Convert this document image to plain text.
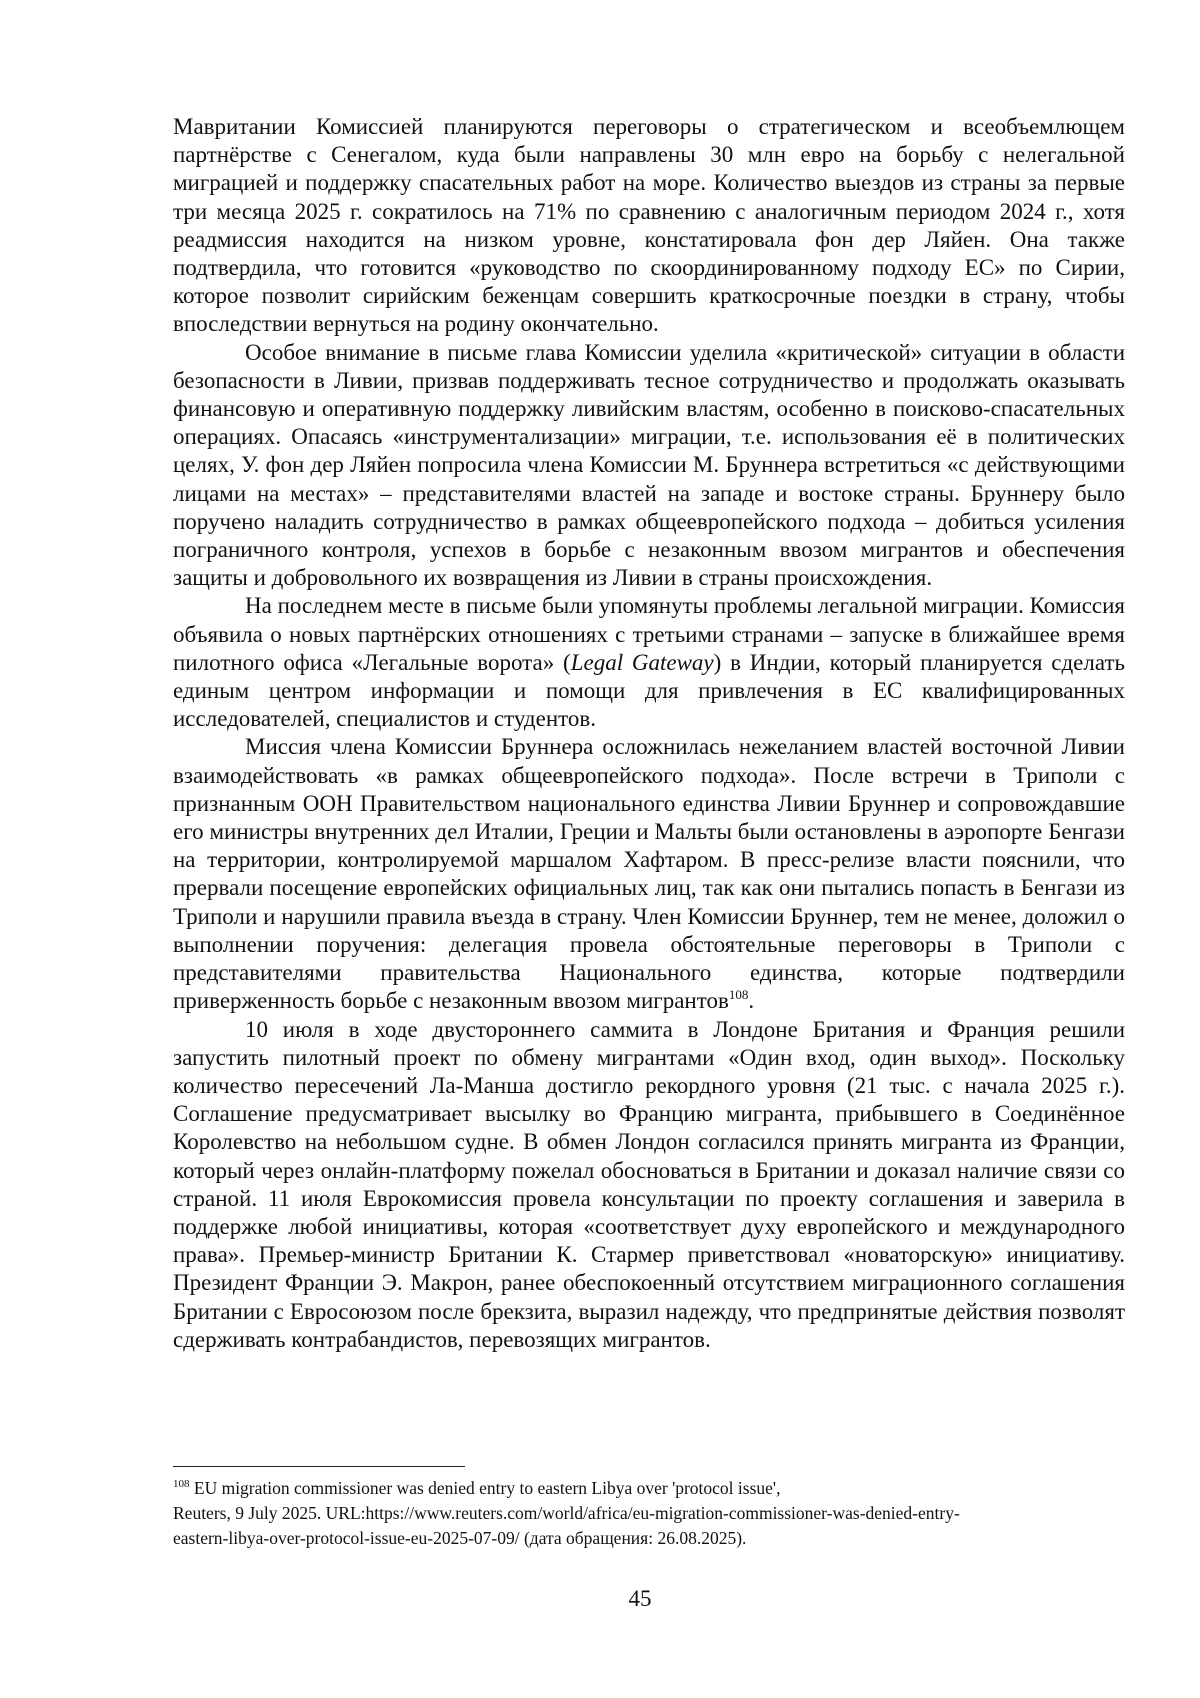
Мавритании Комиссией планируются переговоры о стратегическом и всеобъемлющем партнёрстве с Сенегалом, куда были направлены 30 млн евро на борьбу с нелегальной миграцией и поддержку спасательных работ на море. Количество выездов из страны за первые три месяца 2025 г. сократилось на 71% по сравнению с аналогичным периодом 2024 г., хотя реадмиссия находится на низком уровне, констатировала фон дер Ляйен. Она также подтвердила, что готовится «руководство по скоординированному подходу ЕС» по Сирии, которое позволит сирийским беженцам совершить краткосрочные поездки в страну, чтобы впоследствии вернуться на родину окончательно.

Особое внимание в письме глава Комиссии уделила «критической» ситуации в области безопасности в Ливии, призвав поддерживать тесное сотрудничество и продолжать оказывать финансовую и оперативную поддержку ливийским властям, особенно в поисково-спасательных операциях. Опасаясь «инструментализации» миграции, т.е. использования её в политических целях, У. фон дер Ляйен попросила члена Комиссии М. Бруннера встретиться «с действующими лицами на местах» – представителями властей на западе и востоке страны. Бруннеру было поручено наладить сотрудничество в рамках общеевропейского подхода – добиться усиления пограничного контроля, успехов в борьбе с незаконным ввозом мигрантов и обеспечения защиты и добровольного их возвращения из Ливии в страны происхождения.

На последнем месте в письме были упомянуты проблемы легальной миграции. Комиссия объявила о новых партнёрских отношениях с третьими странами – запуске в ближайшее время пилотного офиса «Легальные ворота» (Legal Gateway) в Индии, который планируется сделать единым центром информации и помощи для привлечения в ЕС квалифицированных исследователей, специалистов и студентов.

Миссия члена Комиссии Бруннера осложнилась нежеланием властей восточной Ливии взаимодействовать «в рамках общеевропейского подхода». После встречи в Триполи с признанным ООН Правительством национального единства Ливии Бруннер и сопровождавшие его министры внутренних дел Италии, Греции и Мальты были остановлены в аэропорте Бенгази на территории, контролируемой маршалом Хафтаром. В пресс-релизе власти пояснили, что прервали посещение европейских официальных лиц, так как они пытались попасть в Бенгази из Триполи и нарушили правила въезда в страну. Член Комиссии Бруннер, тем не менее, доложил о выполнении поручения: делегация провела обстоятельные переговоры в Триполи с представителями правительства Национального единства, которые подтвердили приверженность борьбе с незаконным ввозом мигрантов$^{108}$.

10 июля в ходе двустороннего саммита в Лондоне Британия и Франция решили запустить пилотный проект по обмену мигрантами «Один вход, один выход». Поскольку количество пересечений Ла-Манша достигло рекордного уровня (21 тыс. с начала 2025 г.). Соглашение предусматривает высылку во Францию мигранта, прибывшего в Соединённое Королевство на небольшом судне. В обмен Лондон согласился принять мигранта из Франции, который через онлайн-платформу пожелал обосноваться в Британии и доказал наличие связи со страной. 11 июля Еврокомиссия провела консультации по проекту соглашения и заверила в поддержке любой инициативы, которая «соответствует духу европейского и международного права». Премьер-министр Британии К. Стармер приветствовал «новаторскую» инициативу. Президент Франции Э. Макрон, ранее обеспокоенный отсутствием миграционного соглашения Британии с Евросоюзом после брекзита, выразил надежду, что предпринятые действия позволят сдерживать контрабандистов, перевозящих мигрантов.

$^{108}$ EU migration commissioner was denied entry to eastern Libya over 'protocol issue',
Reuters, 9 July 2025. URL:https://www.reuters.com/world/africa/eu-migration-commissioner-was-denied-entry-
eastern-libya-over-protocol-issue-eu-2025-07-09/ (дата обращения: 26.08.2025).
45
